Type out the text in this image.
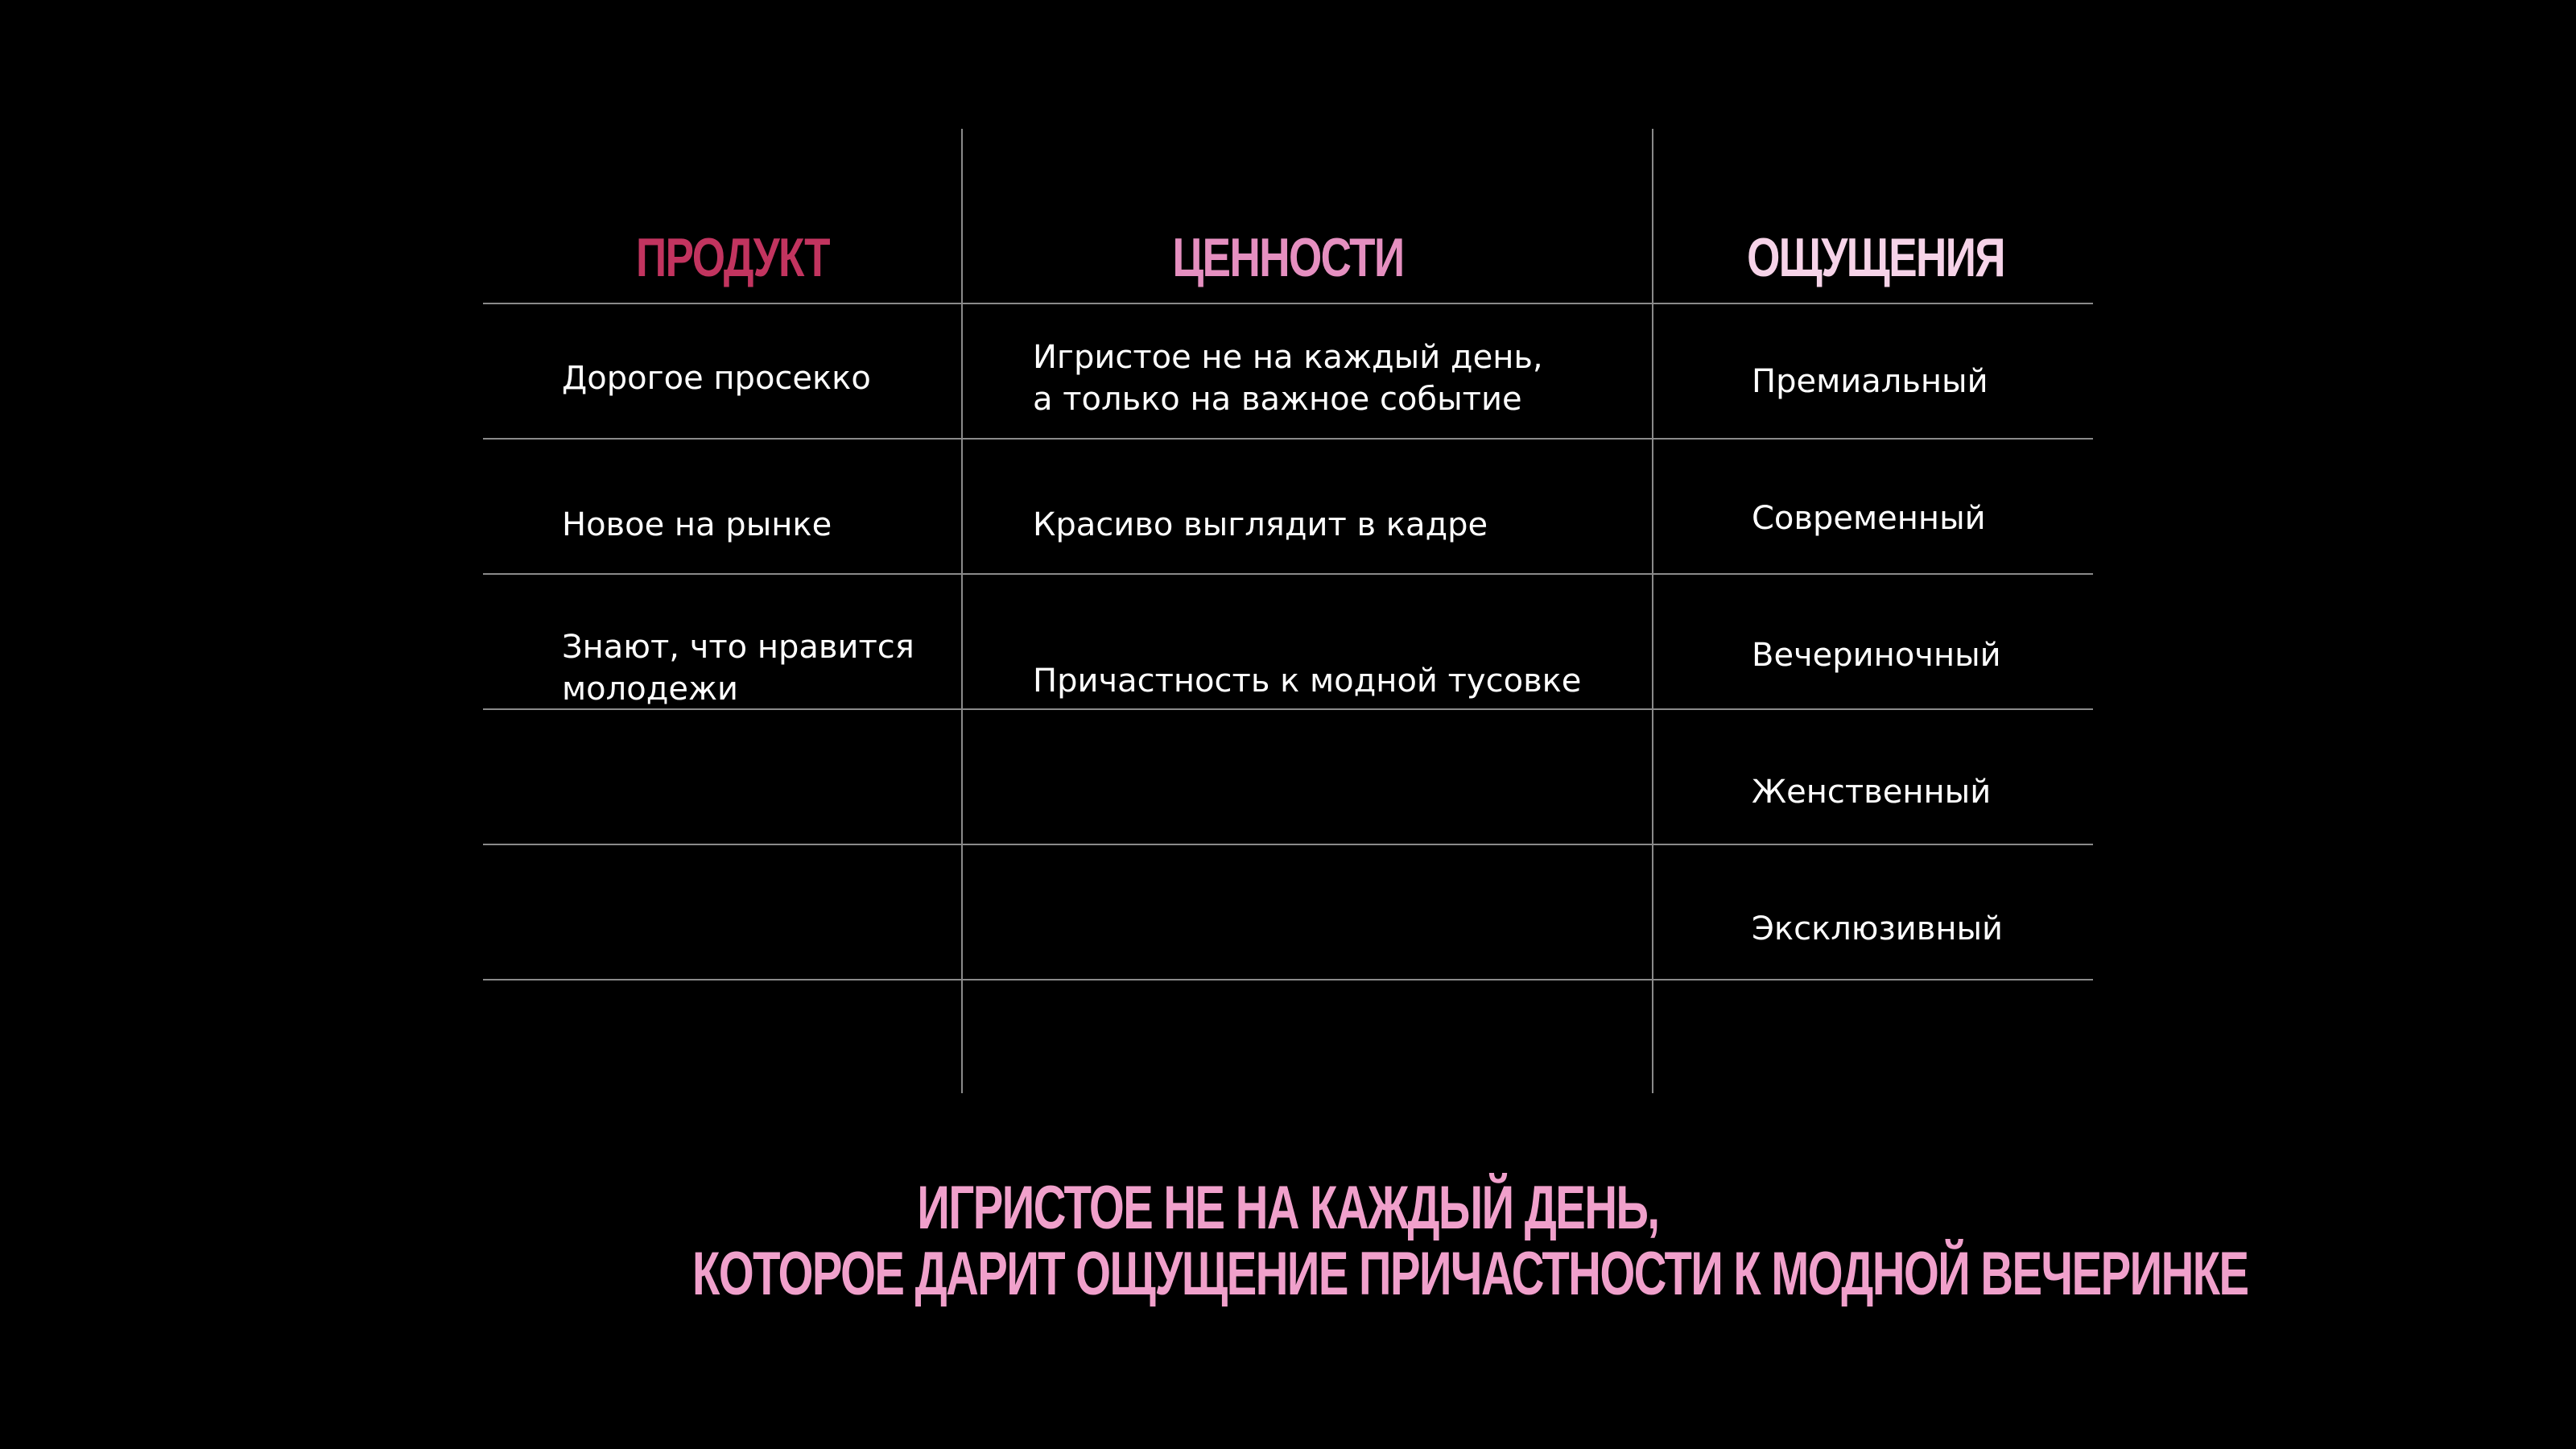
ПРОДУКТ	ЦЕННОСТИ	ОЩУЩЕНИЯ
Дорогое просекко
Новое на рынке
Знают, что нравится
молодежи
Игристое не на каждый день,
а только на важное событие
Красиво выглядит в кадре
Причастность к модной тусовке
Премиальный
Современный
Вечериночный
Женственный
Эксклюзивный
ИГРИСТОЕ НЕ НА КАЖДЫЙ ДЕНЬ,
КОТОРОЕ ДАРИТ ОЩУЩЕНИЕ ПРИЧАСТНОСТИ К МОДНОЙ ВЕЧЕРИНКЕ
